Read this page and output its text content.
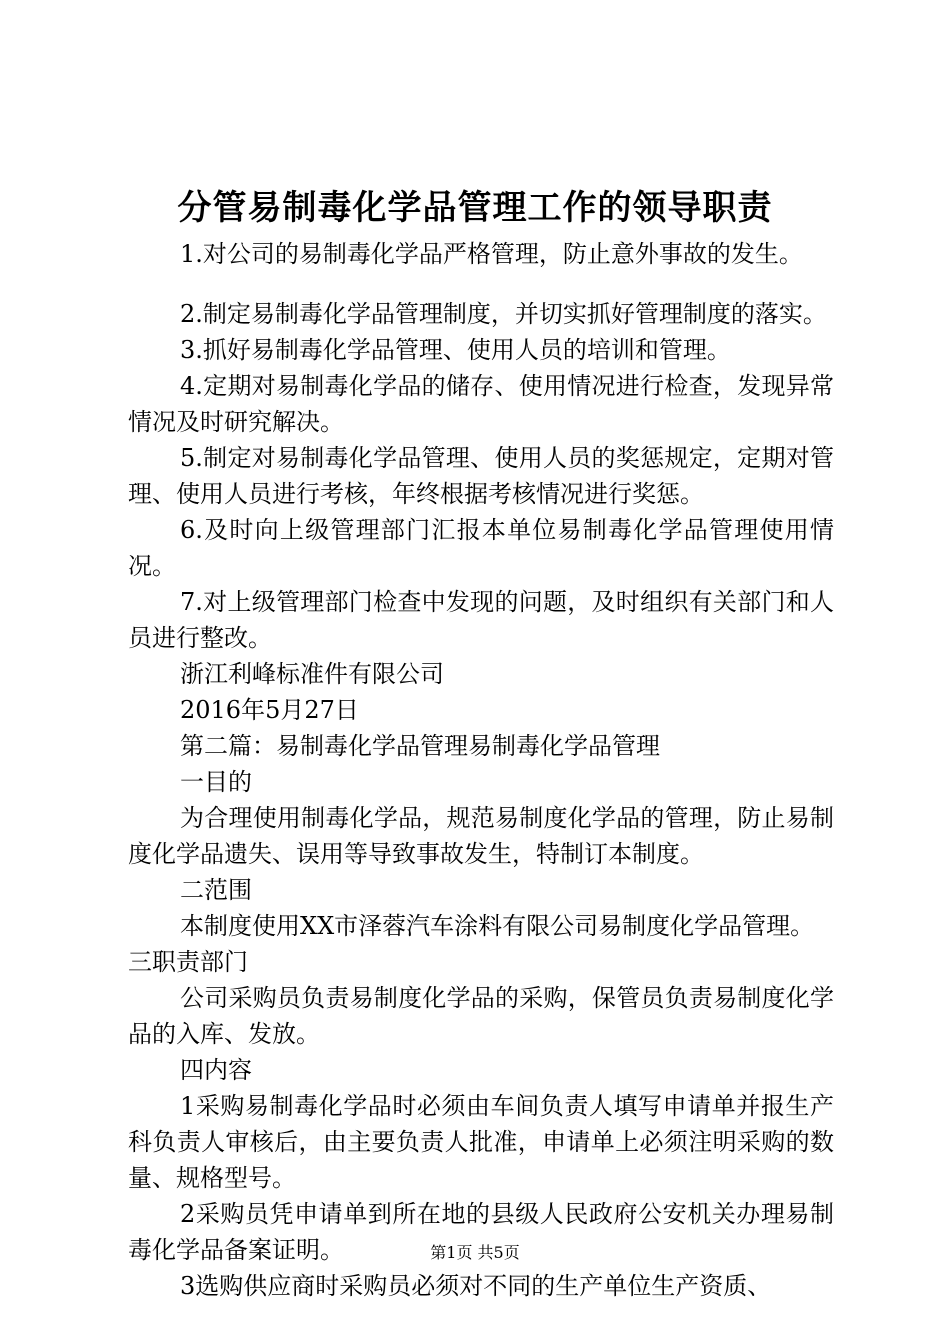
分管易制毒化学品管理工作的领导职责

1.对公司的易制毒化学品严格管理，防止意外事故的发生。

2.制定易制毒化学品管理制度，并切实抓好管理制度的落实。

3.抓好易制毒化学品管理、使用人员的培训和管理。

4.定期对易制毒化学品的储存、使用情况进行检查，发现异常情况及时研究解决。

5.制定对易制毒化学品管理、使用人员的奖惩规定，定期对管理、使用人员进行考核，年终根据考核情况进行奖惩。

6.及时向上级管理部门汇报本单位易制毒化学品管理使用情况。

7.对上级管理部门检查中发现的问题，及时组织有关部门和人员进行整改。

浙江利峰标准件有限公司

2016年5月27日

第二篇：易制毒化学品管理易制毒化学品管理

一目的

为合理使用制毒化学品，规范易制度化学品的管理，防止易制度化学品遗失、误用等导致事故发生，特制订本制度。

二范围

本制度使用XX市泽蓉汽车涂料有限公司易制度化学品管理。

三职责部门

公司采购员负责易制度化学品的采购，保管员负责易制度化学品的入库、发放。

四内容

1采购易制毒化学品时必须由车间负责人填写申请单并报生产科负责人审核后，由主要负责人批准，申请单上必须注明采购的数量、规格型号。

2采购员凭申请单到所在地的县级人民政府公安机关办理易制毒化学品备案证明。

3选购供应商时采购员必须对不同的生产单位生产资质、

第1页 共5页
